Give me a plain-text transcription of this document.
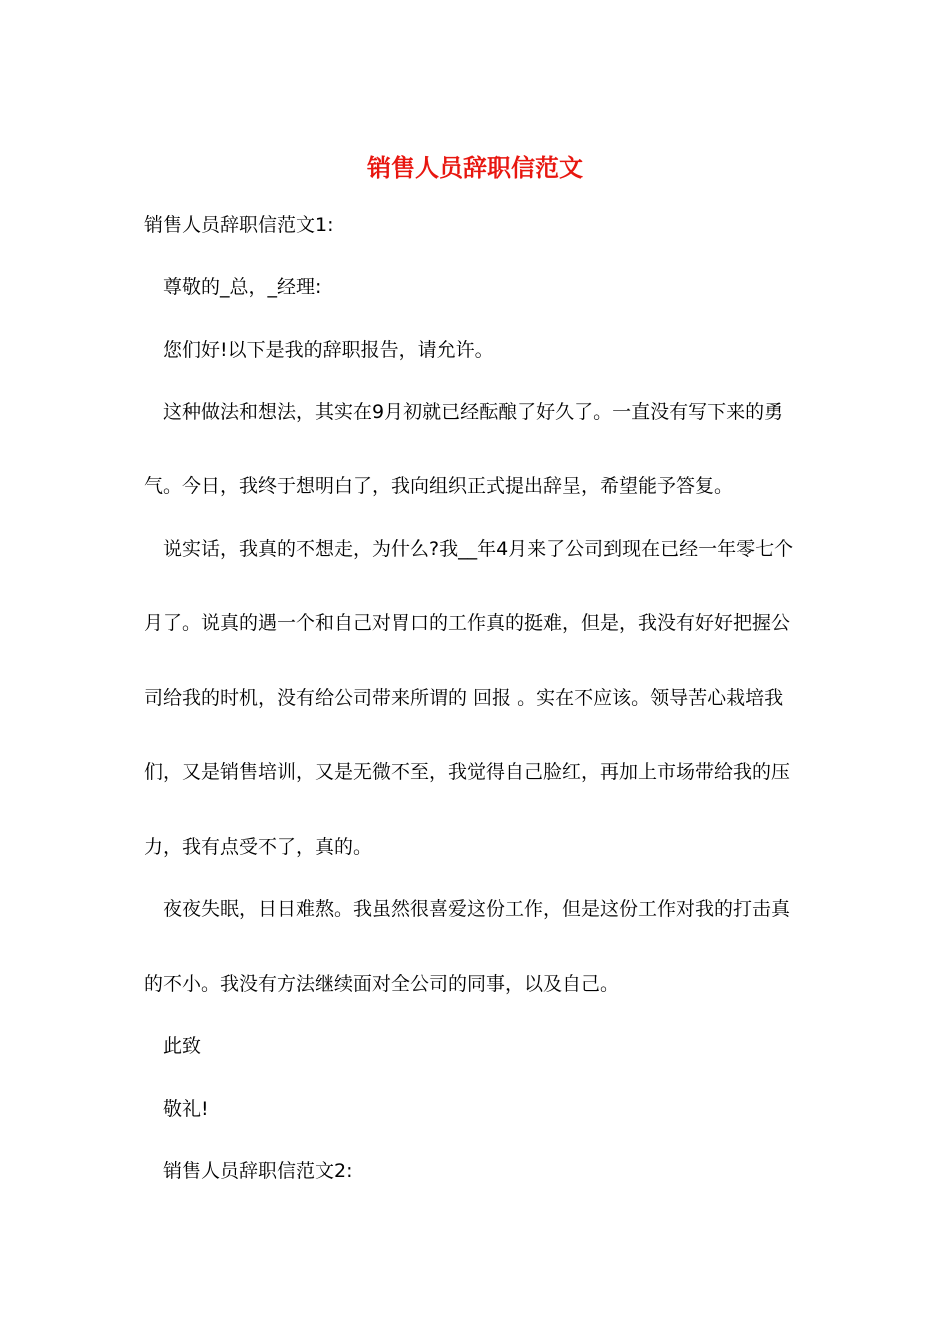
销售人员辞职信范文

销售人员辞职信范文1:

尊敬的_总，_经理:

您们好!以下是我的辞职报告，请允许。

这种做法和想法，其实在9月初就已经酝酿了好久了。一直没有写下来的勇

气。今日，我终于想明白了，我向组织正式提出辞呈，希望能予答复。

说实话，我真的不想走，为什么?我__年4月来了公司到现在已经一年零七个

月了。说真的遇一个和自己对胃口的工作真的挺难，但是，我没有好好把握公

司给我的时机，没有给公司带来所谓的 回报 。实在不应该。领导苦心栽培我

们，又是销售培训，又是无微不至，我觉得自己脸红，再加上市场带给我的压

力，我有点受不了，真的。

夜夜失眠，日日难熬。我虽然很喜爱这份工作，但是这份工作对我的打击真

的不小。我没有方法继续面对全公司的同事，以及自己。

此致

敬礼!

销售人员辞职信范文2:
